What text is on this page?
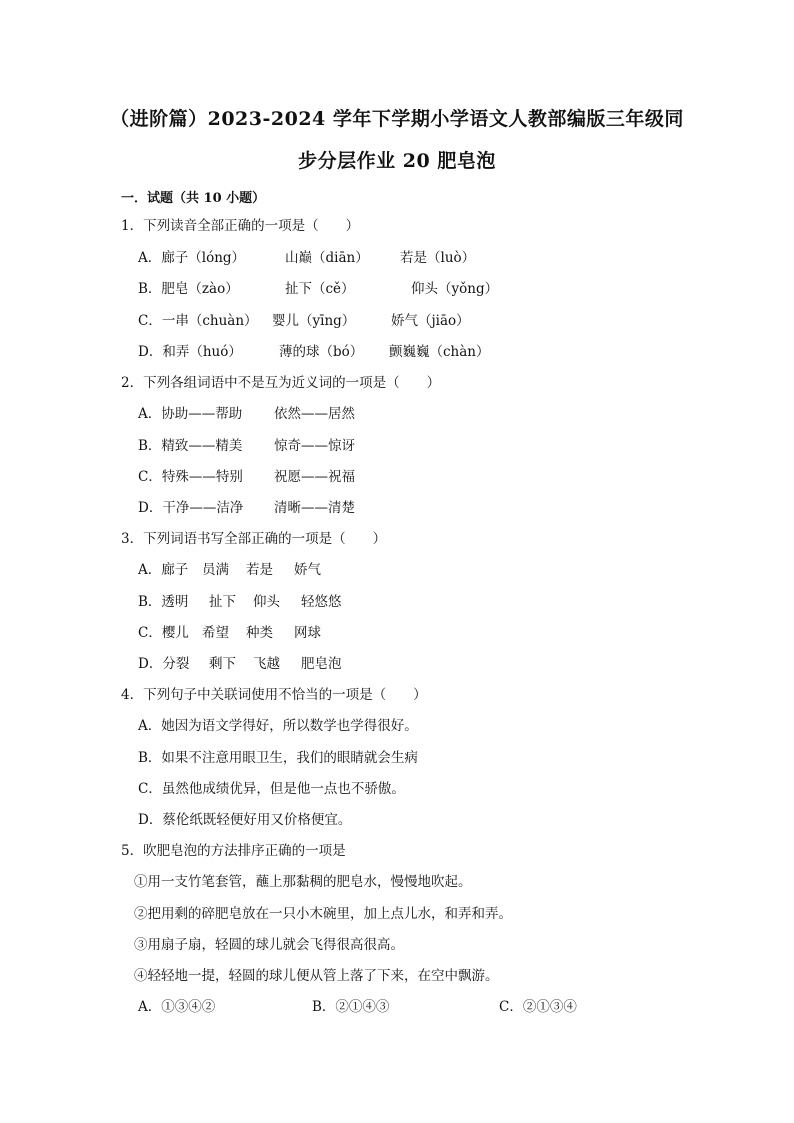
（进阶篇）2023-2024 学年下学期小学语文人教部编版三年级同
步分层作业 20 肥皂泡
一．试题（共 10 小题）
1．下列读音全部正确的一项是（　　）
A．廊子（lóng）	山巅（diān） 若是（luò）
B．肥皂（zào）	扯下（cě）	仰头（yǒng）
C．一串（chuàn） 婴儿（yīng）	娇气（jiāo）
D．和弄（huó）	薄的球（bó） 颤巍巍（chàn）
2．下列各组词语中不是互为近义词的一项是（　　）
A．协助——帮助 依然——居然
B．精致——精美 惊奇——惊讶
C．特殊——特别 祝愿——祝福
D．干净——洁净 清晰——清楚
3．下列词语书写全部正确的一项是（　　）
A．廊子 员满 若是 娇气
B．透明 扯下 仰头 轻悠悠
C．樱儿 希望 种类 网球
D．分裂 剩下 飞越 肥皂泡
4．下列句子中关联词使用不恰当的一项是（　　）
A．她因为语文学得好，所以数学也学得很好。
B．如果不注意用眼卫生，我们的眼睛就会生病
C．虽然他成绩优异，但是他一点也不骄傲。
D．蔡伦纸既轻便好用又价格便宜。
5．吹肥皂泡的方法排序正确的一项是
①用一支竹笔套管，蘸上那黏稠的肥皂水，慢慢地吹起。
②把用剩的碎肥皂放在一只小木碗里，加上点儿水，和弄和弄。
③用扇子扇，轻圆的球儿就会飞得很高很高。
④轻轻地一提，轻圆的球儿便从管上落了下来，在空中飘游。
A．①③④②	B．②①④③	C．②①③④
